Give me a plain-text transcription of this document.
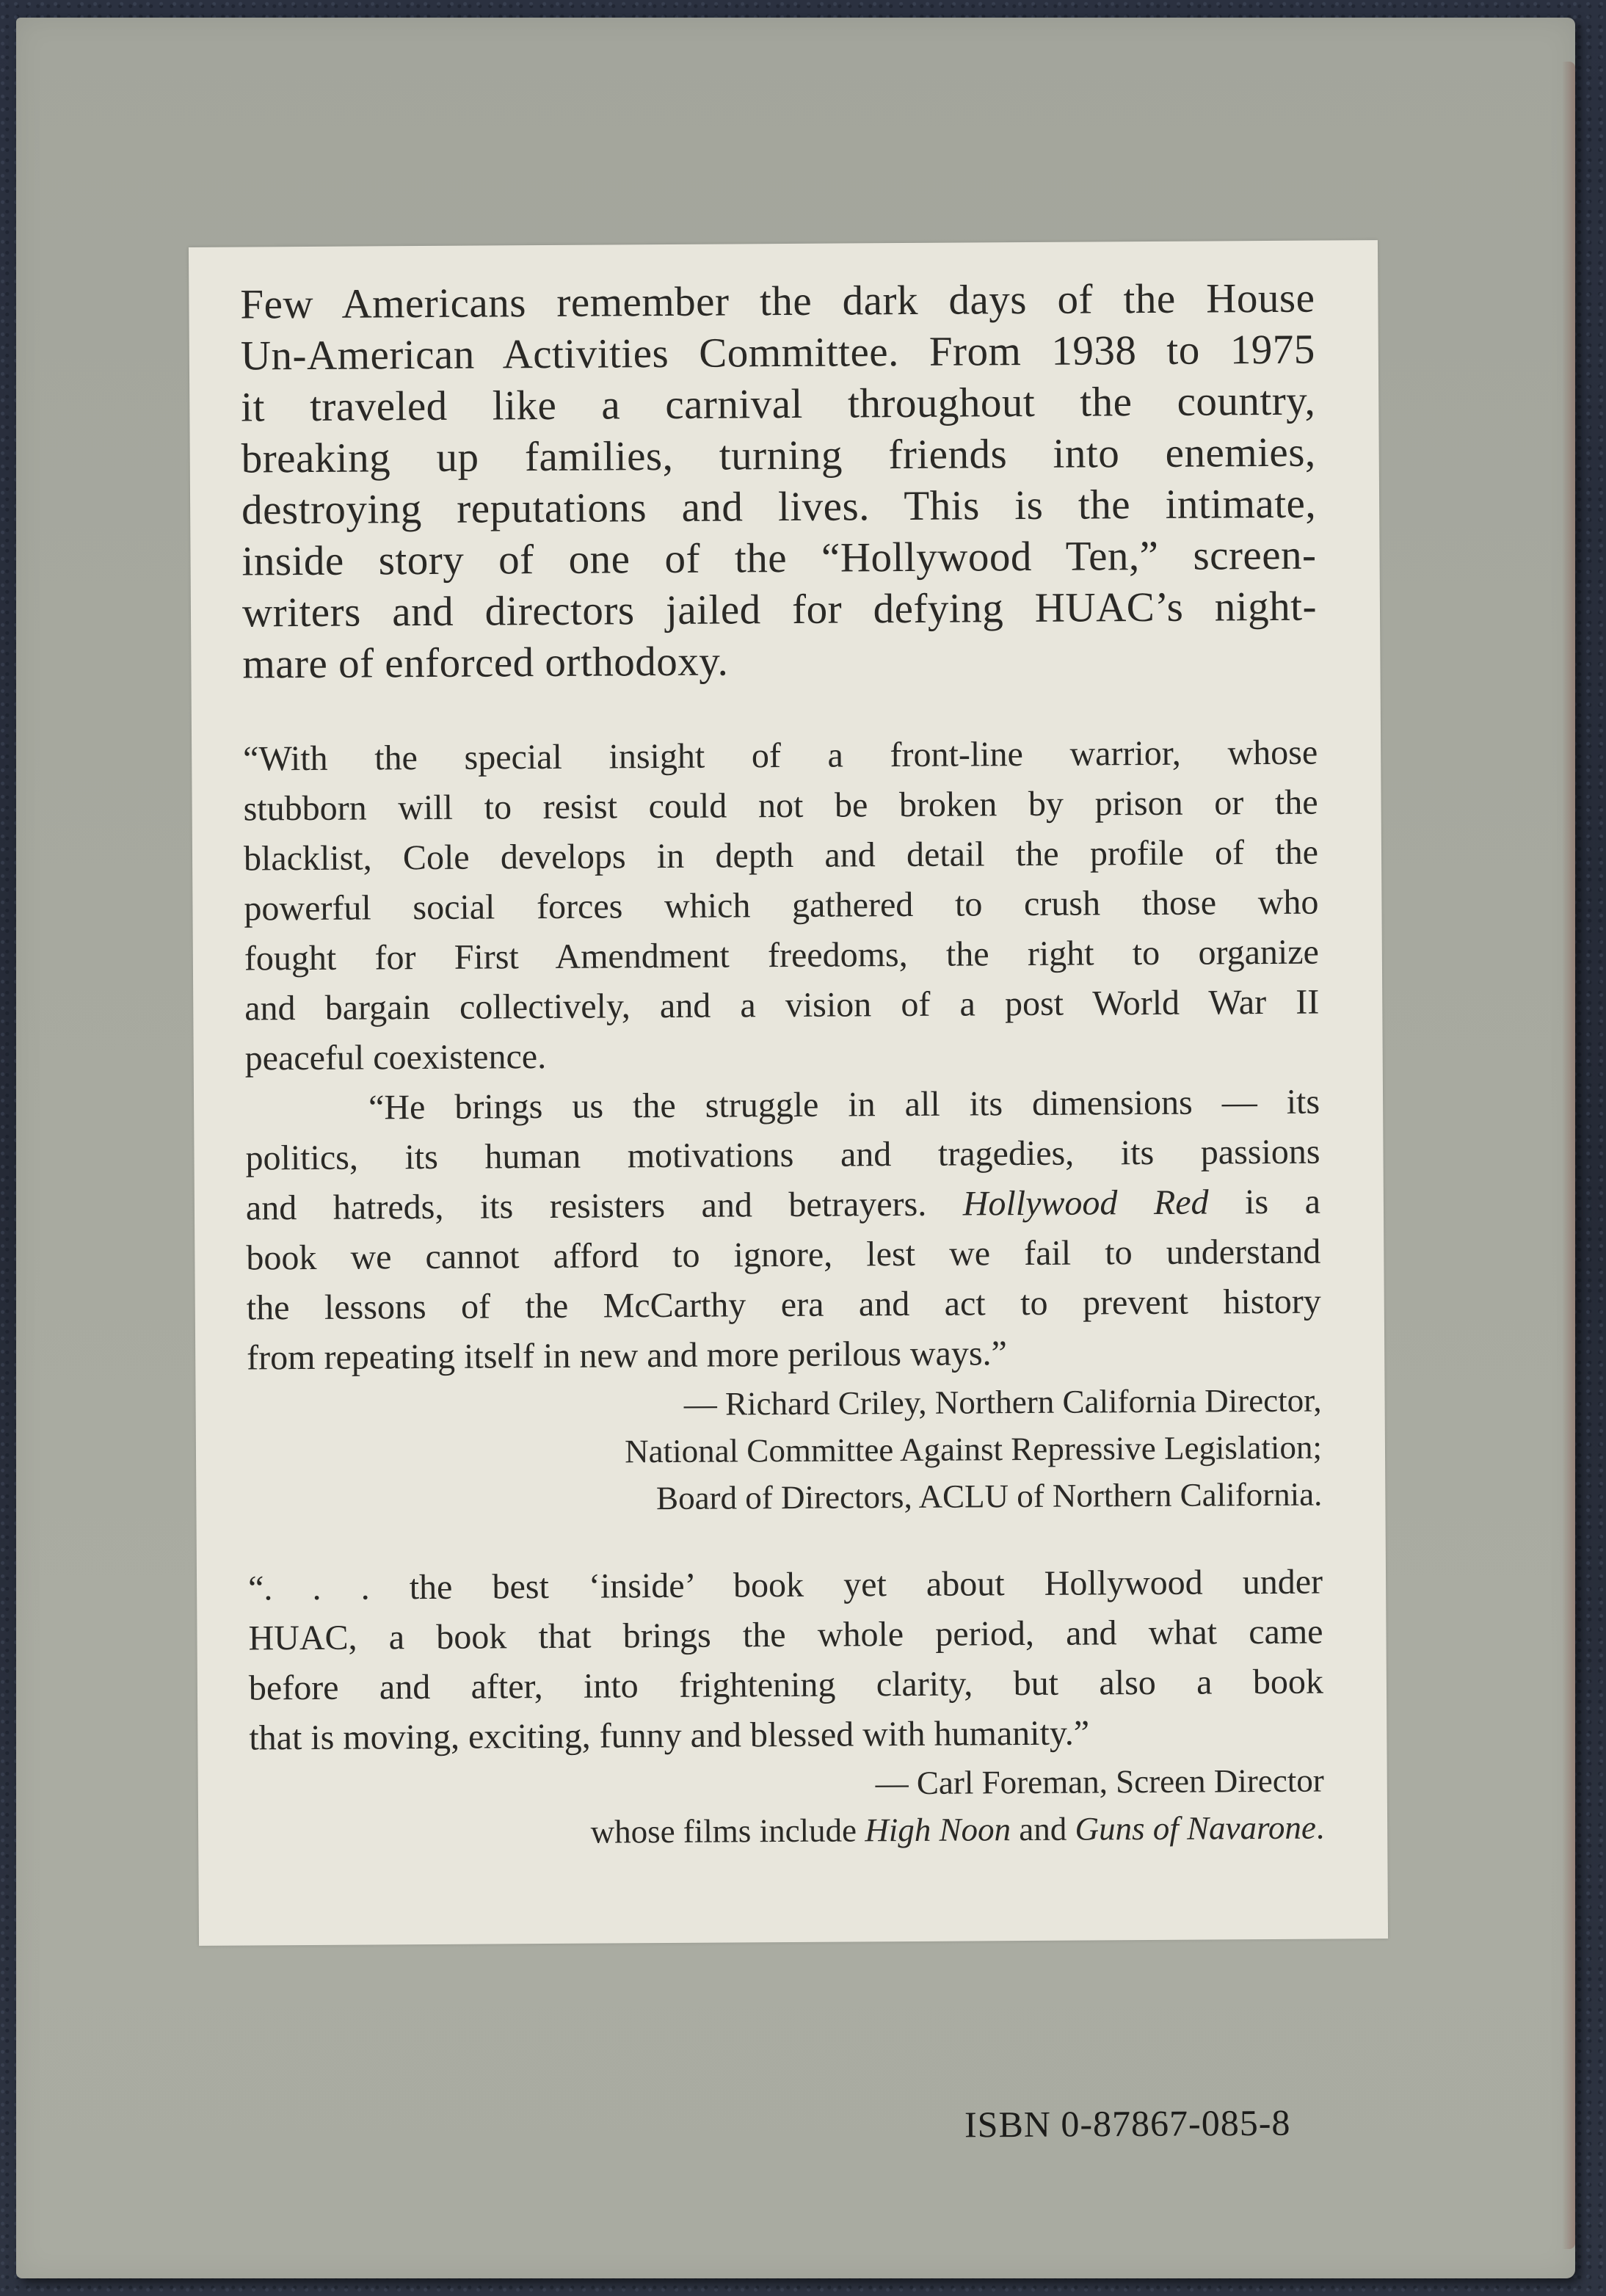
Few Americans remember the dark days of the House
Un-American Activities Committee. From 1938 to 1975
it traveled like a carnival throughout the country,
breaking up families, turning friends into enemies,
destroying reputations and lives. This is the intimate,
inside story of one of the “Hollywood Ten,” screen-
writers and directors jailed for defying HUAC’s night-
mare of enforced orthodoxy.
“With the special insight of a front-line warrior, whose
stubborn will to resist could not be broken by prison or the
blacklist, Cole develops in depth and detail the profile of the
powerful social forces which gathered to crush those who
fought for First Amendment freedoms, the right to organize
and bargain collectively, and a vision of a post World War II
peaceful coexistence.
“He brings us the struggle in all its dimensions — its
politics, its human motivations and tragedies, its passions
and hatreds, its resisters and betrayers. Hollywood Red is a
book we cannot afford to ignore, lest we fail to understand
the lessons of the McCarthy era and act to prevent history
from repeating itself in new and more perilous ways.”
— Richard Criley, Northern California Director,
National Committee Against Repressive Legislation;
Board of Directors, ACLU of Northern California.
“. . . the best ‘inside’ book yet about Hollywood under
HUAC, a book that brings the whole period, and what came
before and after, into frightening clarity, but also a book
that is moving, exciting, funny and blessed with humanity.”
— Carl Foreman, Screen Director
whose films include High Noon and Guns of Navarone.
ISBN 0-87867-085-8
